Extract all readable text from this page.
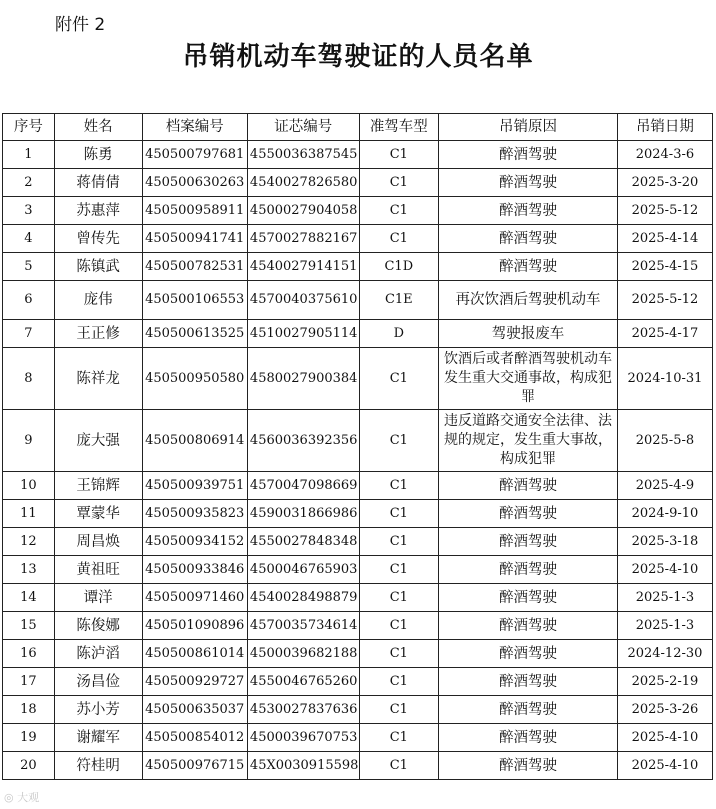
附件 2
吊销机动车驾驶证的人员名单
序号	姓名	档案编号	证芯编号	准驾车型	吊销原因	吊销日期
1	陈勇	450500797681	4550036387545	C1	醉酒驾驶	2024-3-6
2	蒋倩倩	450500630263	4540027826580	C1	醉酒驾驶	2025-3-20
3	苏惠萍	450500958911	4500027904058	C1	醉酒驾驶	2025-5-12
4	曾传先	450500941741	4570027882167	C1	醉酒驾驶	2025-4-14
5	陈镇武	450500782531	4540027914151	C1D	醉酒驾驶	2025-4-15
6	庞伟	450500106553	4570040375610	C1E	再次饮酒后驾驶机动车	2025-5-12
7	王正修	450500613525	4510027905114	D	驾驶报废车	2025-4-17
8	陈祥龙	450500950580	4580027900384	C1	饮酒后或者醉酒驾驶机动车发生重大交通事故，构成犯罪	2024-10-31
9	庞大强	450500806914	4560036392356	C1	违反道路交通安全法律、法规的规定，发生重大事故，构成犯罪	2025-5-8
10	王锦辉	450500939751	4570047098669	C1	醉酒驾驶	2025-4-9
11	覃蒙华	450500935823	4590031866986	C1	醉酒驾驶	2024-9-10
12	周昌焕	450500934152	4550027848348	C1	醉酒驾驶	2025-3-18
13	黄祖旺	450500933846	4500046765903	C1	醉酒驾驶	2025-4-10
14	谭洋	450500971460	4540028498879	C1	醉酒驾驶	2025-1-3
15	陈俊娜	450501090896	4570035734614	C1	醉酒驾驶	2025-1-3
16	陈泸滔	450500861014	4500039682188	C1	醉酒驾驶	2024-12-30
17	汤昌俭	450500929727	4550046765260	C1	醉酒驾驶	2025-2-19
18	苏小芳	450500635037	4530027837636	C1	醉酒驾驶	2025-3-26
19	谢耀军	450500854012	4500039670753	C1	醉酒驾驶	2025-4-10
20	符桂明	450500976715	45X0030915598	C1	醉酒驾驶	2025-4-10
◎ 大观
